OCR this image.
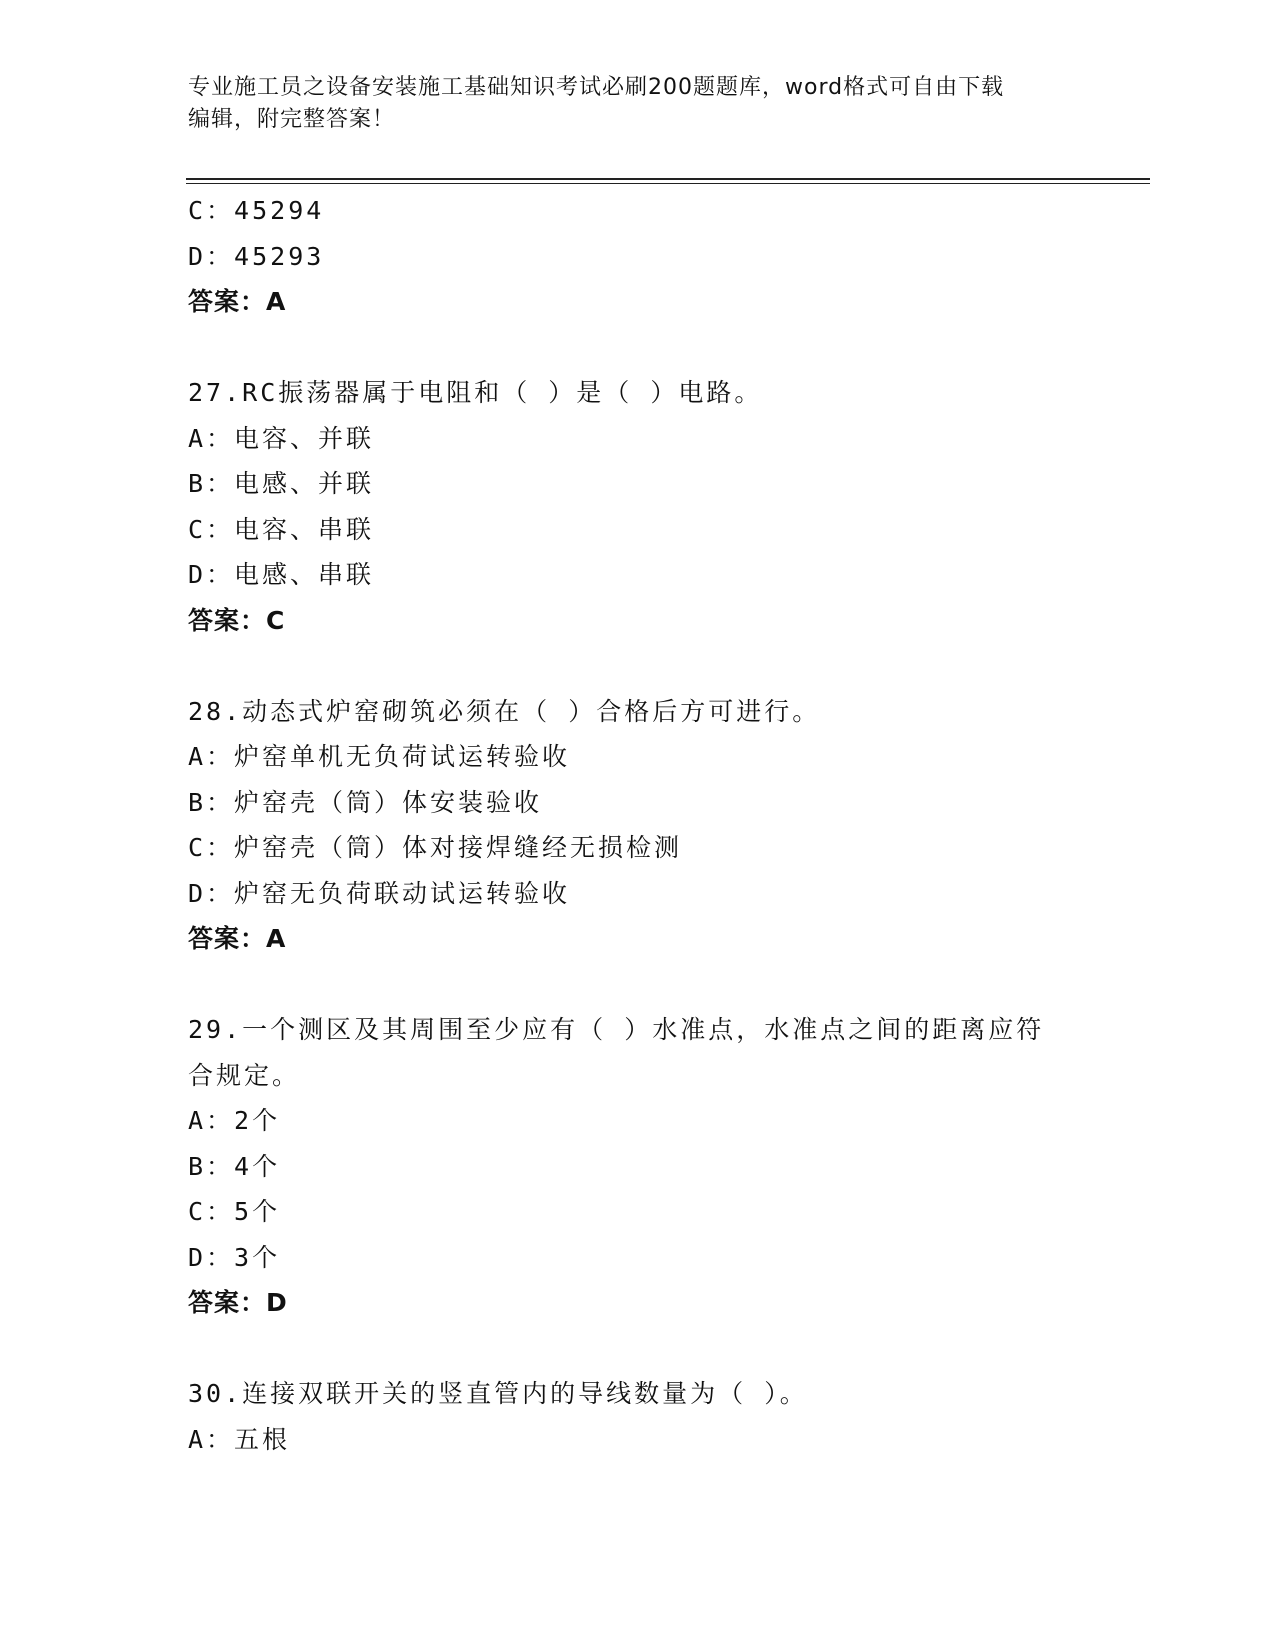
专业施工员之设备安装施工基础知识考试必刷200题题库，word格式可自由下载
编辑，附完整答案！
C：45294
D：45293
答案：A
27.RC振荡器属于电阻和（ ）是（ ）电路。
A：电容、并联
B：电感、并联
C：电容、串联
D：电感、串联
答案：C
28.动态式炉窑砌筑必须在（ ）合格后方可进行。
A：炉窑单机无负荷试运转验收
B：炉窑壳（筒）体安装验收
C：炉窑壳（筒）体对接焊缝经无损检测
D：炉窑无负荷联动试运转验收
答案：A
29.一个测区及其周围至少应有（ ）水准点，水准点之间的距离应符
合规定。
A：2个
B：4个
C：5个
D：3个
答案：D
30.连接双联开关的竖直管内的导线数量为（ ）。
A：五根
